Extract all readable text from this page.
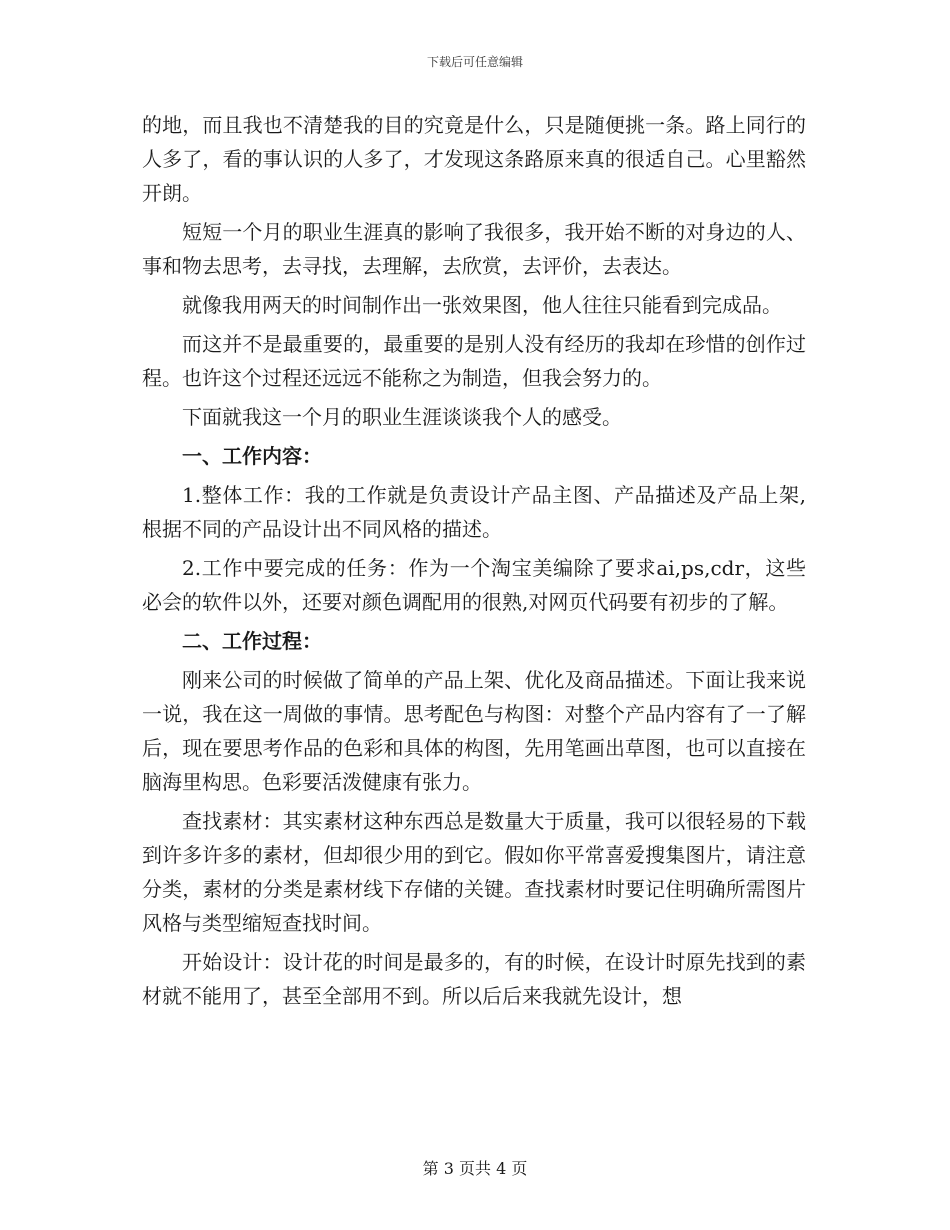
下载后可任意编辑

的地，而且我也不清楚我的目的究竟是什么，只是随便挑一条。路上同行的人多了，看的事认识的人多了，才发现这条路原来真的很适自己。心里豁然开朗。

短短一个月的职业生涯真的影响了我很多，我开始不断的对身边的人、事和物去思考，去寻找，去理解，去欣赏，去评价，去表达。

就像我用两天的时间制作出一张效果图，他人往往只能看到完成品。

而这并不是最重要的，最重要的是别人没有经历的我却在珍惜的创作过程。也许这个过程还远远不能称之为制造，但我会努力的。

下面就我这一个月的职业生涯谈谈我个人的感受。

一、工作内容：

1.整体工作：我的工作就是负责设计产品主图、产品描述及产品上架,根据不同的产品设计出不同风格的描述。

2.工作中要完成的任务：作为一个淘宝美编除了要求ai,ps,cdr，这些必会的软件以外，还要对颜色调配用的很熟,对网页代码要有初步的了解。

二、工作过程：

刚来公司的时候做了简单的产品上架、优化及商品描述。下面让我来说一说，我在这一周做的事情。思考配色与构图：对整个产品内容有了一了解后，现在要思考作品的色彩和具体的构图，先用笔画出草图，也可以直接在脑海里构思。色彩要活泼健康有张力。

查找素材：其实素材这种东西总是数量大于质量，我可以很轻易的下载到许多许多的素材，但却很少用的到它。假如你平常喜爱搜集图片，请注意分类，素材的分类是素材线下存储的关键。查找素材时要记住明确所需图片风格与类型缩短查找时间。

开始设计：设计花的时间是最多的，有的时候，在设计时原先找到的素材就不能用了，甚至全部用不到。所以后后来我就先设计，想

第 3 页共 4 页
